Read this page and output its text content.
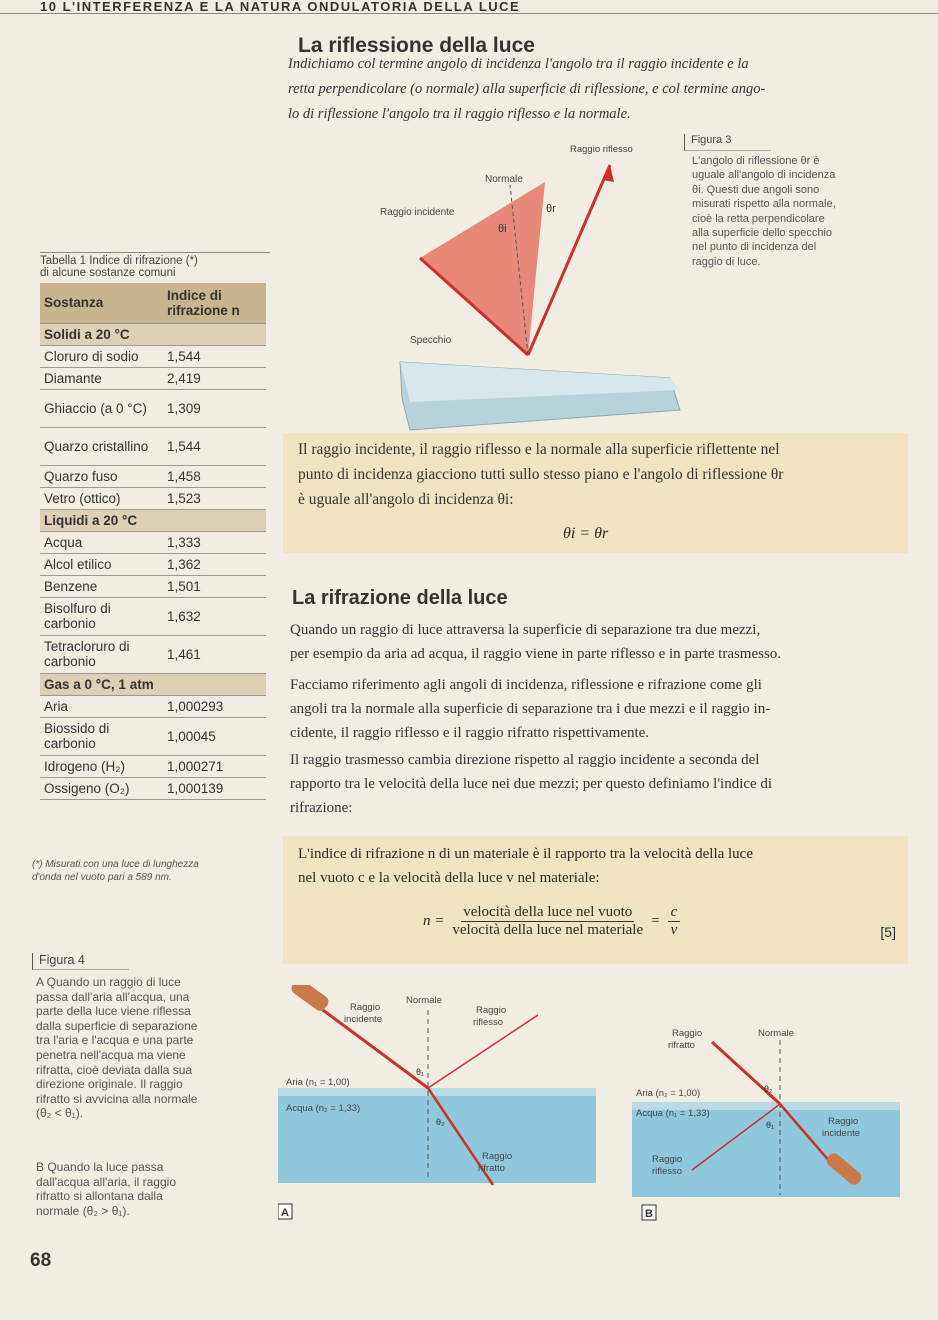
10 L'INTERFERENZA E LA NATURA ONDULATORIA DELLA LUCE
La riflessione della luce
Indichiamo col termine angolo di incidenza l'angolo tra il raggio incidente e la
retta perpendicolare (o normale) alla superficie di riflessione, e col termine ango-
lo di riflessione l'angolo tra il raggio riflesso e la normale.
Raggio riflesso
Normale
Raggio incidente
θi
θr
Specchio
Figura 3
L'angolo di riflessione θr è
uguale all'angolo di incidenza
θi. Questi due angoli sono
misurati rispetto alla normale,
cioè la retta perpendicolare
alla superficie dello specchio
nel punto di incidenza del
raggio di luce.
Il raggio incidente, il raggio riflesso e la normale alla superficie riflettente nel
punto di incidenza giacciono tutti sullo stesso piano e l'angolo di riflessione θr
è uguale all'angolo di incidenza θi:
θi = θr
Tabella 1 Indice di rifrazione (*)
di alcune sostanze comuni
Sostanza	Indice di rifrazione n
Solidi a 20 °C	
Cloruro di sodio	1,544
Diamante	2,419
Ghiaccio (a 0 °C)	1,309
Quarzo cristallino	1,544
Quarzo fuso	1,458
Vetro (ottico)	1,523
Liquidi a 20 °C	
Acqua	1,333
Alcol etilico	1,362
Benzene	1,501
Bisolfuro di carbonio	1,632
Tetracloruro di carbonio	1,461
Gas a 0 °C, 1 atm	
Aria	1,000293
Biossido di carbonio	1,00045
Idrogeno (H₂)	1,000271
Ossigeno (O₂)	1,000139
(*) Misurati con una luce di lunghezza
d'onda nel vuoto pari a 589 nm.
La rifrazione della luce
Quando un raggio di luce attraversa la superficie di separazione tra due mezzi,
per esempio da aria ad acqua, il raggio viene in parte riflesso e in parte trasmesso.
Facciamo riferimento agli angoli di incidenza, riflessione e rifrazione come gli
angoli tra la normale alla superficie di separazione tra i due mezzi e il raggio in-
cidente, il raggio riflesso e il raggio rifratto rispettivamente.
Il raggio trasmesso cambia direzione rispetto al raggio incidente a seconda del
rapporto tra le velocità della luce nei due mezzi; per questo definiamo l'indice di
rifrazione:
L'indice di rifrazione n di un materiale è il rapporto tra la velocità della luce
nel vuoto c e la velocità della luce v nel materiale:
n =
velocità della luce nel vuoto
velocità della luce nel materiale
= $\frac{c}{v}$	[5]
Figura 4
A Quando un raggio di luce
passa dall'aria all'acqua, una
parte della luce viene riflessa
dalla superficie di separazione
tra l'aria e l'acqua e una parte
penetra nell'acqua ma viene
rifratta, cioè deviata dalla sua
direzione originale. Il raggio
rifratto si avvicina alla normale
(θ₂ < θ₁).
B Quando la luce passa
dall'acqua all'aria, il raggio
rifratto si allontana dalla
normale (θ₂ > θ₁).
Raggio
incidente
Normale
Raggio
riflesso
θ₁
θ₂
Aria (n₁ = 1,00)
Acqua (n₂ = 1,33)
Raggio
rifratto
A
Raggio
rifratto
Normale
Aria (n₂ = 1,00)
Acqua (n₁ = 1,33)
θ₂
θ₁	Raggio
incidente
Raggio
riflesso
B
68
